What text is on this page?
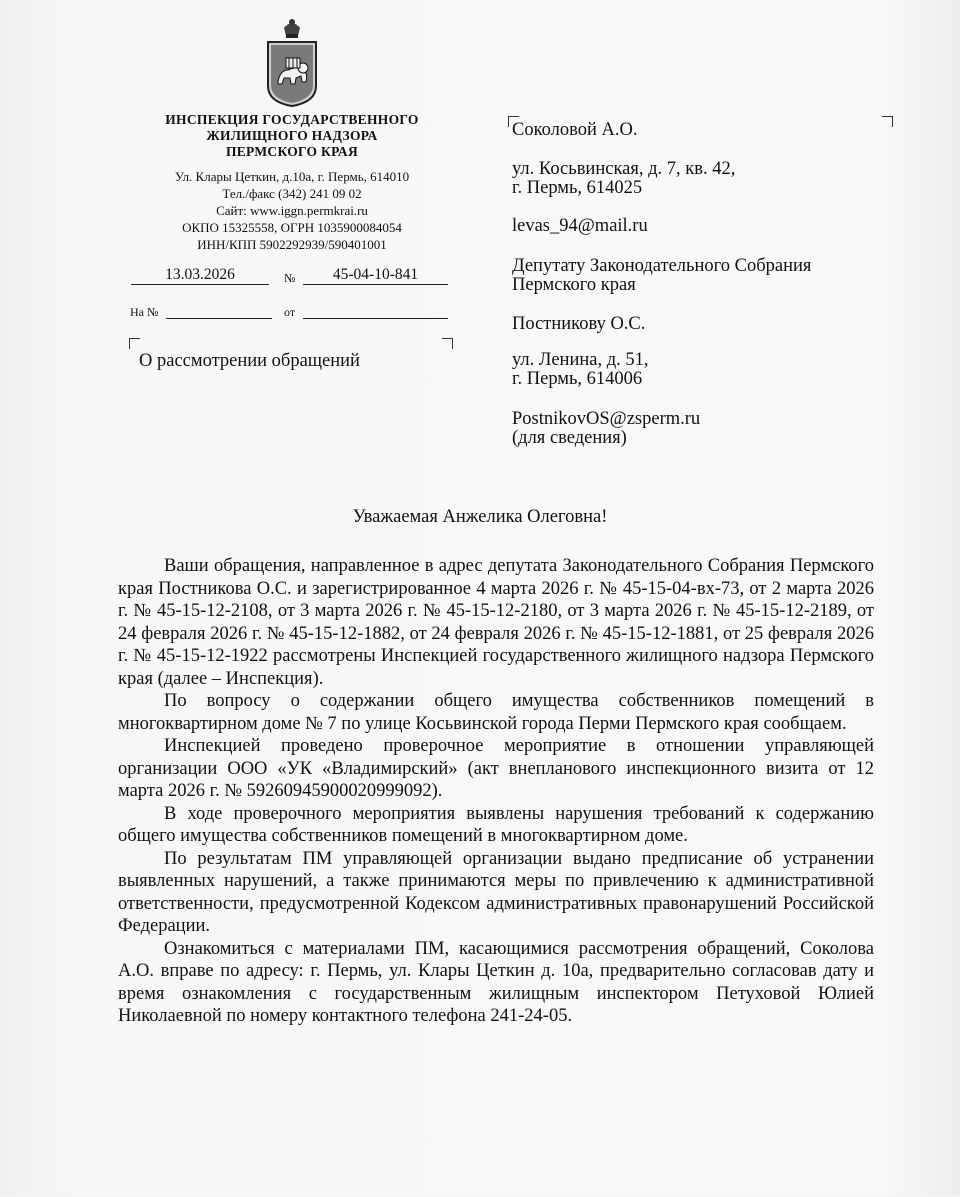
ИНСПЕКЦИЯ ГОСУДАРСТВЕННОГО
ЖИЛИЩНОГО НАДЗОРА
ПЕРМСКОГО КРАЯ
Ул. Клары Цеткин, д.10а, г. Пермь, 614010
Тел./факс (342) 241 09 02
Сайт: www.iggn.permkrai.ru
ОКПО 15325558, ОГРН 1035900084054
ИНН/КПП 5902292939/590401001
13.03.2026	№	45-04-10-841
На №	от
О рассмотрении обращений
Соколовой А.О.
ул. Косьвинская, д. 7, кв. 42,
г. Пермь, 614025
levas_94@mail.ru
Депутату Законодательного Собрания
Пермского края
Постникову О.С.
ул. Ленина, д. 51,
г. Пермь, 614006
PostnikovOS@zsperm.ru
(для сведения)
Уважаемая Анжелика Олеговна!

Ваши обращения, направленное в адрес депутата Законодательного Собрания Пермского края Постникова О.С. и зарегистрированное 4 марта 2026 г. № 45-15-04-вх-73, от 2 марта 2026 г. № 45-15-12-2108, от 3 марта 2026 г. № 45-15-12-2180, от 3 марта 2026 г. № 45-15-12-2189, от 24 февраля 2026 г. № 45-15-12-1882, от 24 февраля 2026 г. № 45-15-12-1881, от 25 февраля 2026 г. № 45-15-12-1922 рассмотрены Инспекцией государственного жилищного надзора Пермского края (далее – Инспекция).

По вопросу о содержании общего имущества собственников помещений в многоквартирном доме № 7 по улице Косьвинской города Перми Пермского края сообщаем.

Инспекцией проведено проверочное мероприятие в отношении управляющей организации ООО «УК «Владимирский» (акт внепланового инспекционного визита от 12 марта 2026 г. № 59260945900020999092).

В ходе проверочного мероприятия выявлены нарушения требований к содержанию общего имущества собственников помещений в многоквартирном доме.

По результатам ПМ управляющей организации выдано предписание об устранении выявленных нарушений, а также принимаются меры по привлечению к административной ответственности, предусмотренной Кодексом административных правонарушений Российской Федерации.

Ознакомиться с материалами ПМ, касающимися рассмотрения обращений, Соколова А.О. вправе по адресу: г. Пермь, ул. Клары Цеткин д. 10а, предварительно согласовав дату и время ознакомления с государственным жилищным инспектором Петуховой Юлией Николаевной по номеру контактного телефона 241-24-05.
